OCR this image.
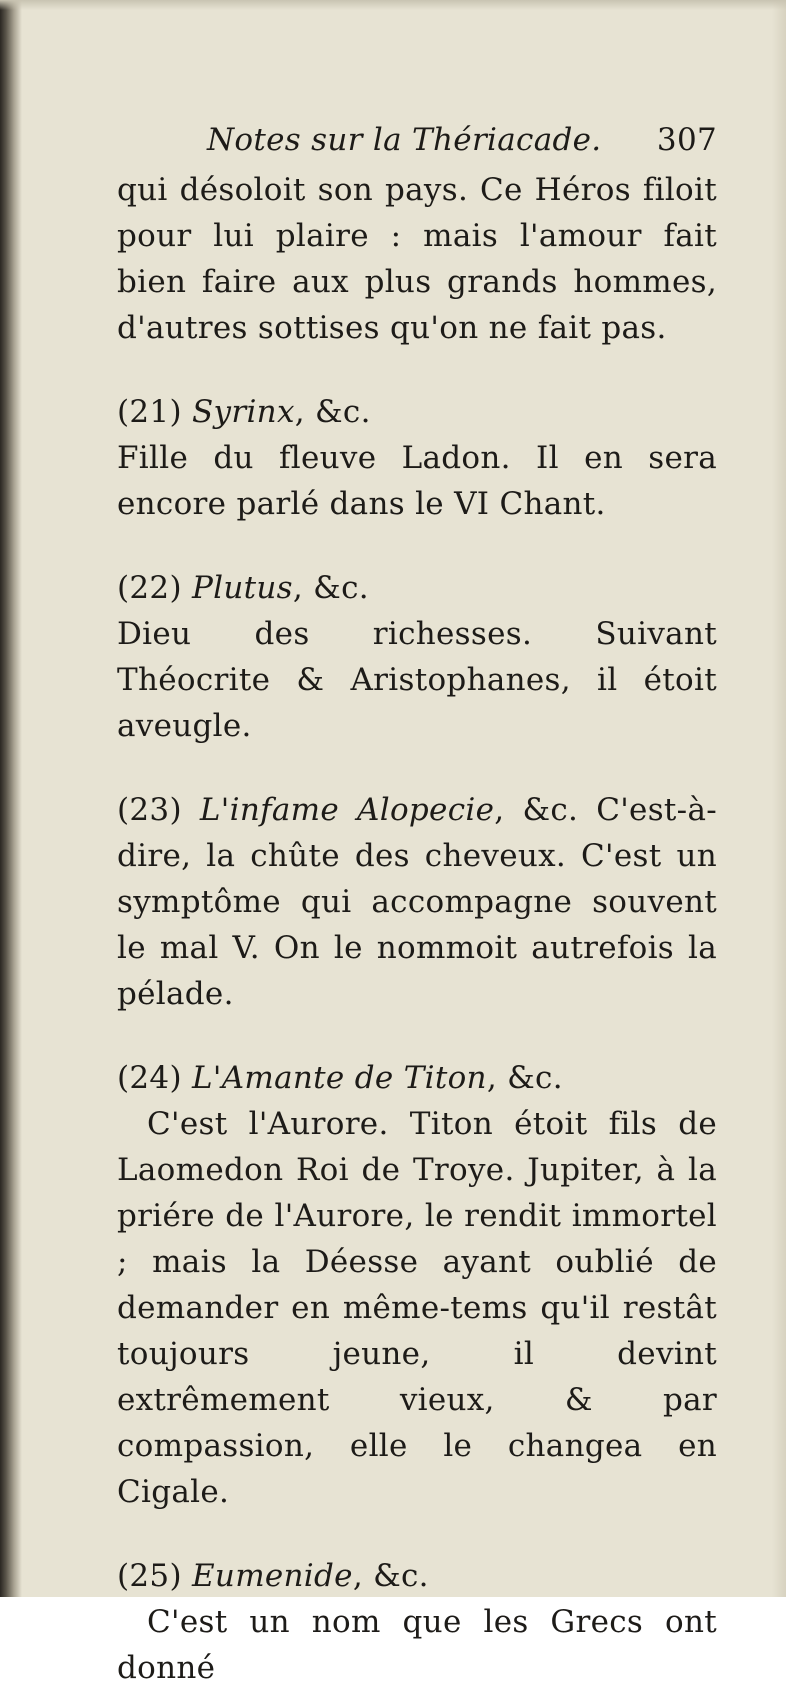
Notes sur la Thériacade. 307

qui désoloit son pays. Ce Héros filoit pour lui plaire : mais l'amour fait bien faire aux plus grands hommes, d'autres sottises qu'on ne fait pas.

(21) Syrinx, &c.
Fille du fleuve Ladon. Il en sera encore parlé dans le VI Chant.
(22) Plutus, &c.
Dieu des richesses. Suivant Théocrite & Aristophanes, il étoit aveugle.

(23) L'infame Alopecie, &c. C'est-à-dire, la chûte des cheveux. C'est un symptôme qui accompagne souvent le mal V. On le nommoit autrefois la pélade.

(24) L'Amante de Titon, &c.
C'est l'Aurore. Titon étoit fils de Laomedon Roi de Troye. Jupiter, à la priére de l'Aurore, le rendit immortel ; mais la Déesse ayant oublié de demander en même-tems qu'il restât toujours jeune, il devint extrêmement vieux, & par compassion, elle le changea en Cigale.
(25) Eumenide, &c.
C'est un nom que les Grecs ont donné
